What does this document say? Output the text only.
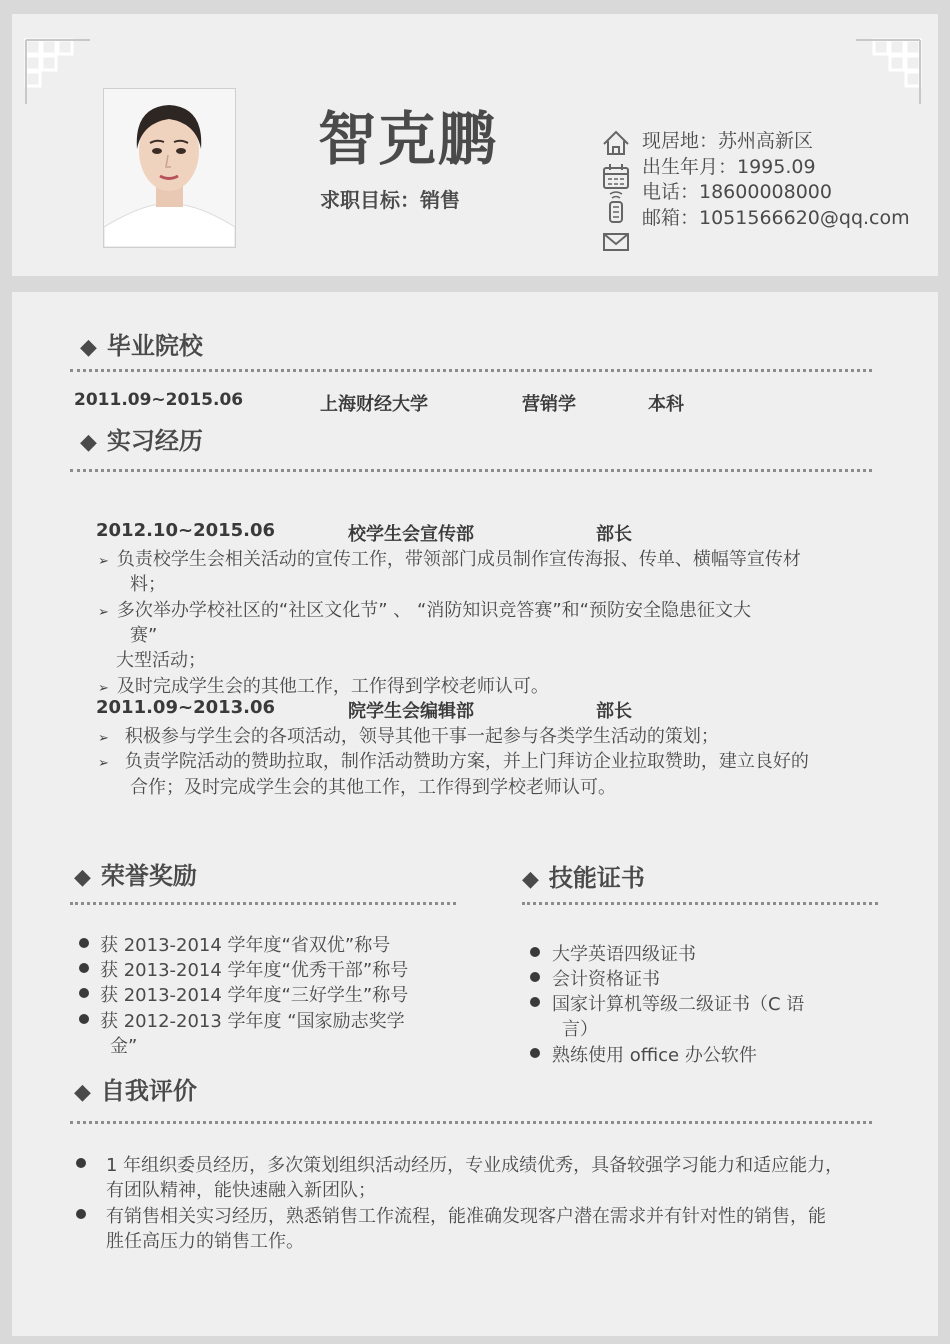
智克鹏
求职目标：销售
现居地：苏州高新区
出生年月：1995.09
电话：18600008000
邮箱：1051566620@qq.com
◆ 毕业院校
2011.09~2015.06	上海财经大学	营销学	本科
◆ 实习经历
2012.10~2015.06	校学生会宣传部	部长
➢ 负责校学生会相关活动的宣传工作，带领部门成员制作宣传海报、传单、横幅等宣传材
料；
➢ 多次举办学校社区的“社区文化节” 、 “消防知识竞答赛”和“预防安全隐患征文大
赛”
大型活动；
➢ 及时完成学生会的其他工作，工作得到学校老师认可。
2011.09~2013.06	院学生会编辑部	部长
➢ 积极参与学生会的各项活动，领导其他干事一起参与各类学生活动的策划；
➢ 负责学院活动的赞助拉取，制作活动赞助方案，并上门拜访企业拉取赞助，建立良好的
合作；及时完成学生会的其他工作，工作得到学校老师认可。
◆ 荣誉奖励
获 2013-2014 学年度“省双优”称号
获 2013-2014 学年度“优秀干部”称号
获 2013-2014 学年度“三好学生”称号
获 2012-2013 学年度 “国家励志奖学
金”
◆ 技能证书
大学英语四级证书
会计资格证书
国家计算机等级二级证书（C 语
言）
熟练使用 office 办公软件
◆ 自我评价
1 年组织委员经历，多次策划组织活动经历，专业成绩优秀，具备较强学习能力和适应能力，
有团队精神，能快速融入新团队；
有销售相关实习经历，熟悉销售工作流程，能准确发现客户潜在需求并有针对性的销售，能
胜任高压力的销售工作。
